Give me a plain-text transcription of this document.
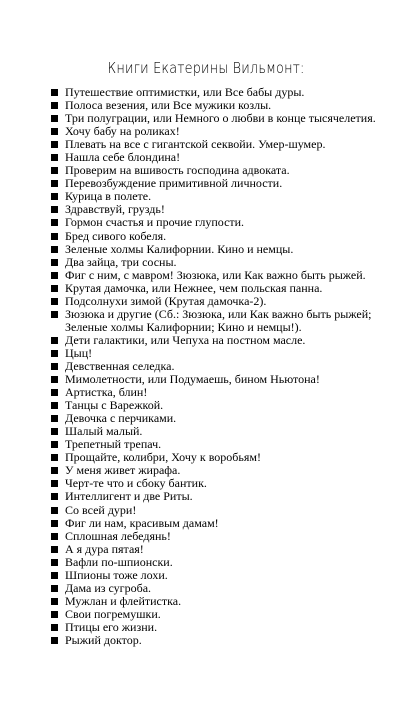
Книги Екатерины Вильмонт:
Путешествие оптимистки, или Все бабы дуры.
Полоса везения, или Все мужики козлы.
Три полуграции, или Немного о любви в конце тысячелетия.
Хочу бабу на роликах!
Плевать на все с гигантской секвойи. Умер-шумер.
Нашла себе блондина!
Проверим на вшивость господина адвоката.
Перевозбуждение примитивной личности.
Курица в полете.
Здравствуй, груздь!
Гормон счастья и прочие глупости.
Бред сивого кобеля.
Зеленые холмы Калифорнии. Кино и немцы.
Два зайца, три сосны.
Фиг с ним, с мавром! Зюзюка, или Как важно быть рыжей.
Крутая дамочка, или Нежнее, чем польская панна.
Подсолнухи зимой (Крутая дамочка-2).
Зюзюка и другие (Сб.: Зюзюка, или Как важно быть рыжей; Зеленые холмы Калифорнии; Кино и немцы!).
Дети галактики, или Чепуха на постном масле.
Цыц!
Девственная селедка.
Мимолетности, или Подумаешь, бином Ньютона!
Артистка, блин!
Танцы с Варежкой.
Девочка с перчиками.
Шалый малый.
Трепетный трепач.
Прощайте, колибри, Хочу к воробьям!
У меня живет жирафа.
Черт-те что и сбоку бантик.
Интеллигент и две Риты.
Со всей дури!
Фиг ли нам, красивым дамам!
Сплошная лебедянь!
А я дура пятая!
Вафли по-шпионски.
Шпионы тоже лохи.
Дама из сугроба.
Мужлан и флейтистка.
Свои погремушки.
Птицы его жизни.
Рыжий доктор.
